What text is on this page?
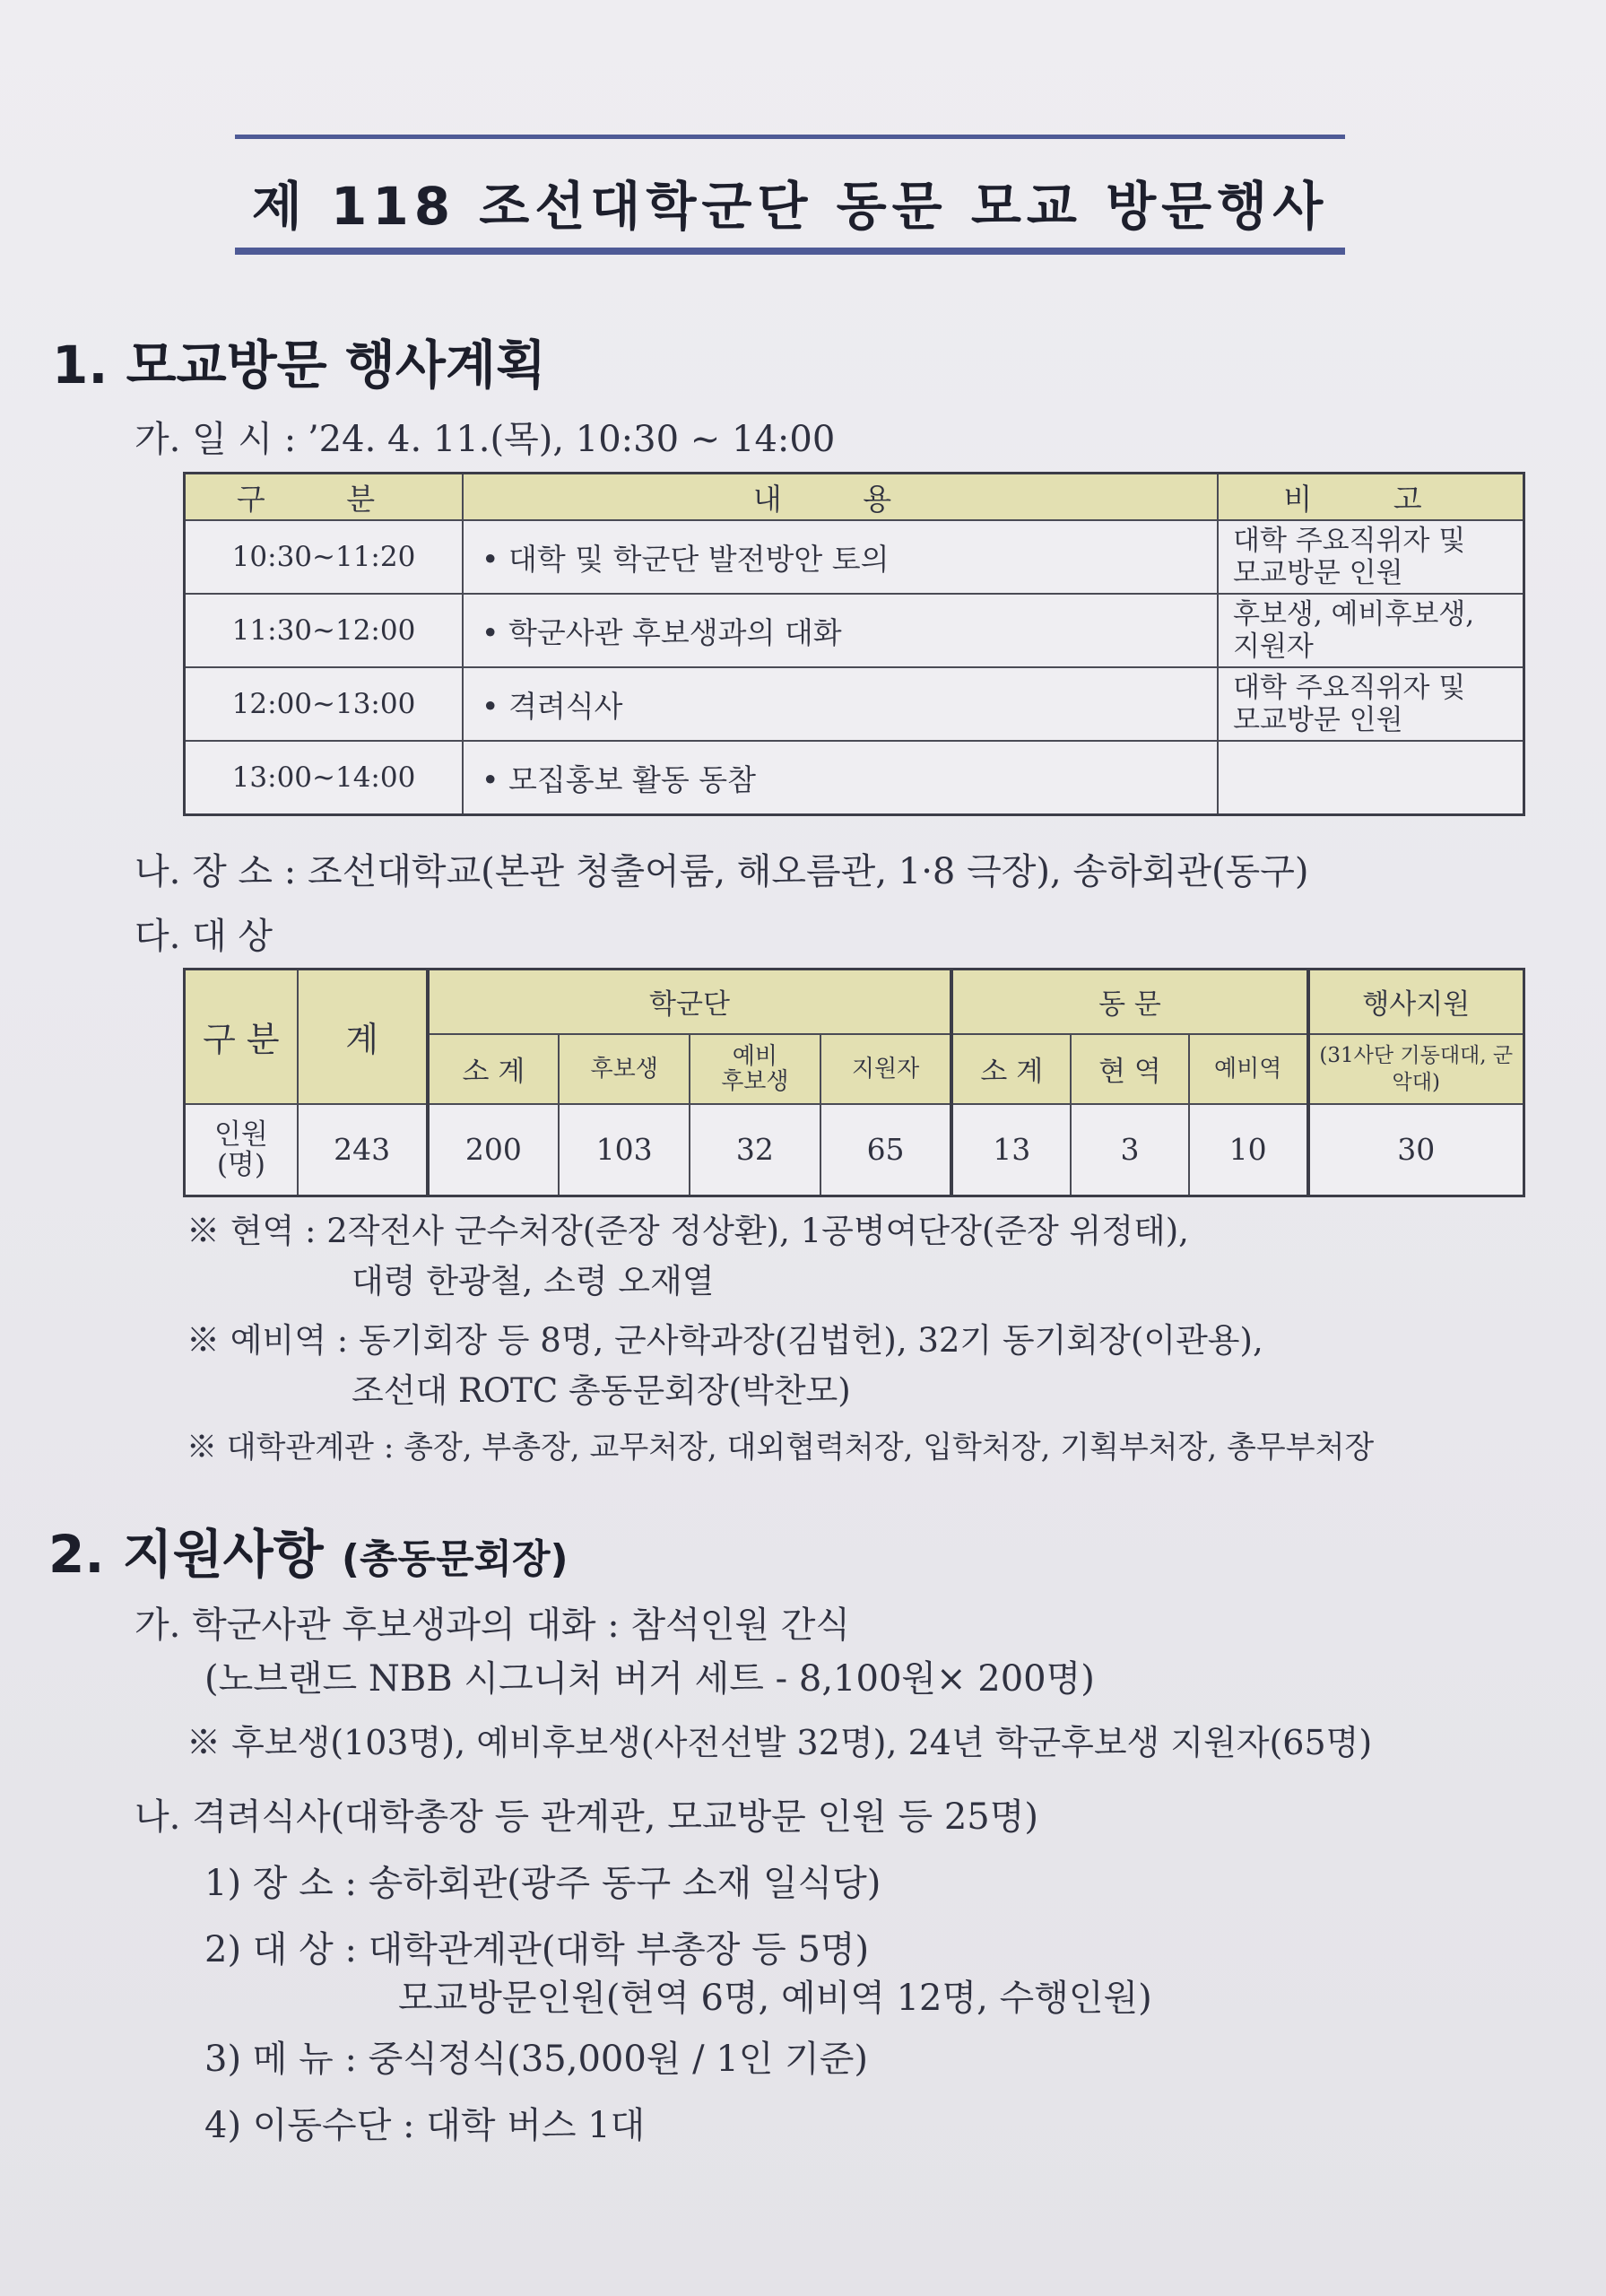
제 118 조선대학군단 동문 모교 방문행사
1. 모교방문 행사계획
가. 일 시 : ’24. 4. 11.(목), 10:30 ~ 14:00
구 분	내 용	비 고
10:30~11:20	• 대학 및 학군단 발전방안 토의	대학 주요직위자 및
모교방문 인원

11:30~12:00	• 학군사관 후보생과의 대화	후보생, 예비후보생,
지원자

12:00~13:00	• 격려식사	대학 주요직위자 및
모교방문 인원

13:00~14:00	• 모집홍보 활동 동참	
나. 장 소 : 조선대학교(본관 청출어룸, 해오름관, 1·8 극장), 송하회관(동구)
다. 대 상
구 분	계	학군단				동 문			행사지원
		소 계	후보생	예비
후보생	지원자	소 계	현 역	예비역	(31사단 기동대대, 군악대)
인원
(명)	243	200	103	32	65	13	3	10	30
※ 현역 : 2작전사 군수처장(준장 정상환), 1공병여단장(준장 위정태),
대령 한광철, 소령 오재열
※ 예비역 : 동기회장 등 8명, 군사학과장(김법헌), 32기 동기회장(이관용),
조선대 ROTC 총동문회장(박찬모)
※ 대학관계관 : 총장, 부총장, 교무처장, 대외협력처장, 입학처장, 기획부처장, 총무부처장
2. 지원사항 (총동문회장)
가. 학군사관 후보생과의 대화 : 참석인원 간식
(노브랜드 NBB 시그니처 버거 세트 - 8,100원× 200명)
※ 후보생(103명), 예비후보생(사전선발 32명), 24년 학군후보생 지원자(65명)
나. 격려식사(대학총장 등 관계관, 모교방문 인원 등 25명)
1) 장 소 : 송하회관(광주 동구 소재 일식당)
2) 대 상 : 대학관계관(대학 부총장 등 5명)
모교방문인원(현역 6명, 예비역 12명, 수행인원)
3) 메 뉴 : 중식정식(35,000원 / 1인 기준)
4) 이동수단 : 대학 버스 1대
